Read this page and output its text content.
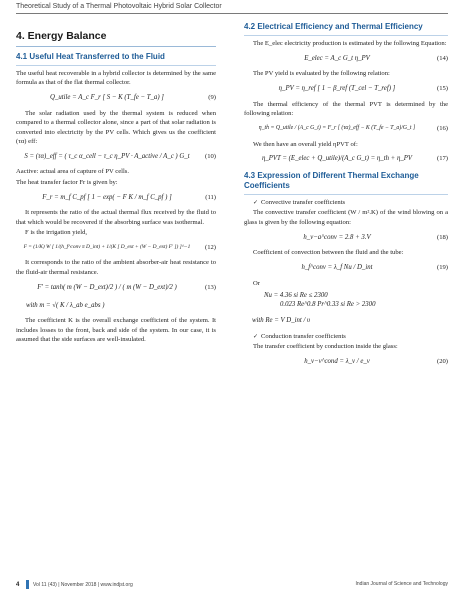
Theoretical Study of a Thermal Photovoltaic Hybrid Solar Collector
4. Energy Balance
4.1 Useful Heat Transferred to the Fluid

The useful heat recoverable in a hybrid collector is determined by the same formula as that of the flat thermal collector.

Q_utile = A_c F_r [ S − K (T_fe − T_a) ]	(9)

The solar radiation used by the thermal system is reduced when compared to a thermal collector alone, since a part of that solar radiation is converted into electricity by the PV cells. Which gives us the coefficient (τα) eff:

S = (τα)_eff = ( τ_c α_cell − τ_c η_PV · A_active / A_c ) G_t	(10)

Aactive: actual area of capture of PV cells.

The heat transfer factor Fr is given by:

F_r = m_f C_pf [ 1 − exp( − F K / m_f C_pf ) ]	(11)

It represents the ratio of the actual thermal flux received by the fluid to that which would be recovered if the absorbing surface was isothermal.

F is the irrigation yield,

F = (1/K) W [ 1/(h_f^conv π D_int) + 1/(K [ D_ext + (W − D_ext) F' ]) ]^−1	(12)

It corresponds to the ratio of the ambient absorber-air heat resistance to the fluid-air thermal resistance.

F' = tanh( m (W − D_ext)/2 ) / ( m (W − D_ext)/2 )	(13)
with m = √( K / λ_ab e_abs )

The coefficient K is the overall exchange coefficient of the system. It includes losses to the front, back and side of the system. In our case, it is assumed that the side surfaces are well-insulated.

4.2 Electrical Efficiency and Thermal Efficiency

The E_elec electricity production is estimated by the following Equation:

E_elec = A_c G_t η_PV	(14)

The PV yield is evaluated by the following relation:

η_PV = η_ref [ 1 − β_ref (T_cel − T_ref) ]	(15)

The thermal efficiency of the thermal PVT is determined by the following relation:

η_th = Q_utile / (A_c G_t) = F_r [ (τα)_eff − K (T_fe − T_a)/G_t ]	(16)

We then have an overall yield ηPVT of:

η_PVT = (E_elec + Q_utile)/(A_c G_t) = η_th + η_PV	(17)
4.3 Expression of Different Thermal Exchange Coefficients

✓ Convective transfer coefficients

The convective transfer coefficient (W / m².K) of the wind blowing on a glass is given by the following equation:

h_v−a^conv = 2.8 + 3.V	(18)

Coefficient of convection between the fluid and the tube:

h_f^conv = λ_f Nu / D_int	(19)

Or

Nu = 4.36 si Re ≤ 2300
0.023 Re^0.8 Pr^0.33 si Re > 2300
with Re = V D_int / υ

✓ Conduction transfer coefficients

The transfer coefficient by conduction inside the glass:

h_v−v^cond = λ_v / e_v	(20)
4	Vol 11 (43) | November 2018 | www.indjst.org	Indian Journal of Science and Technology
